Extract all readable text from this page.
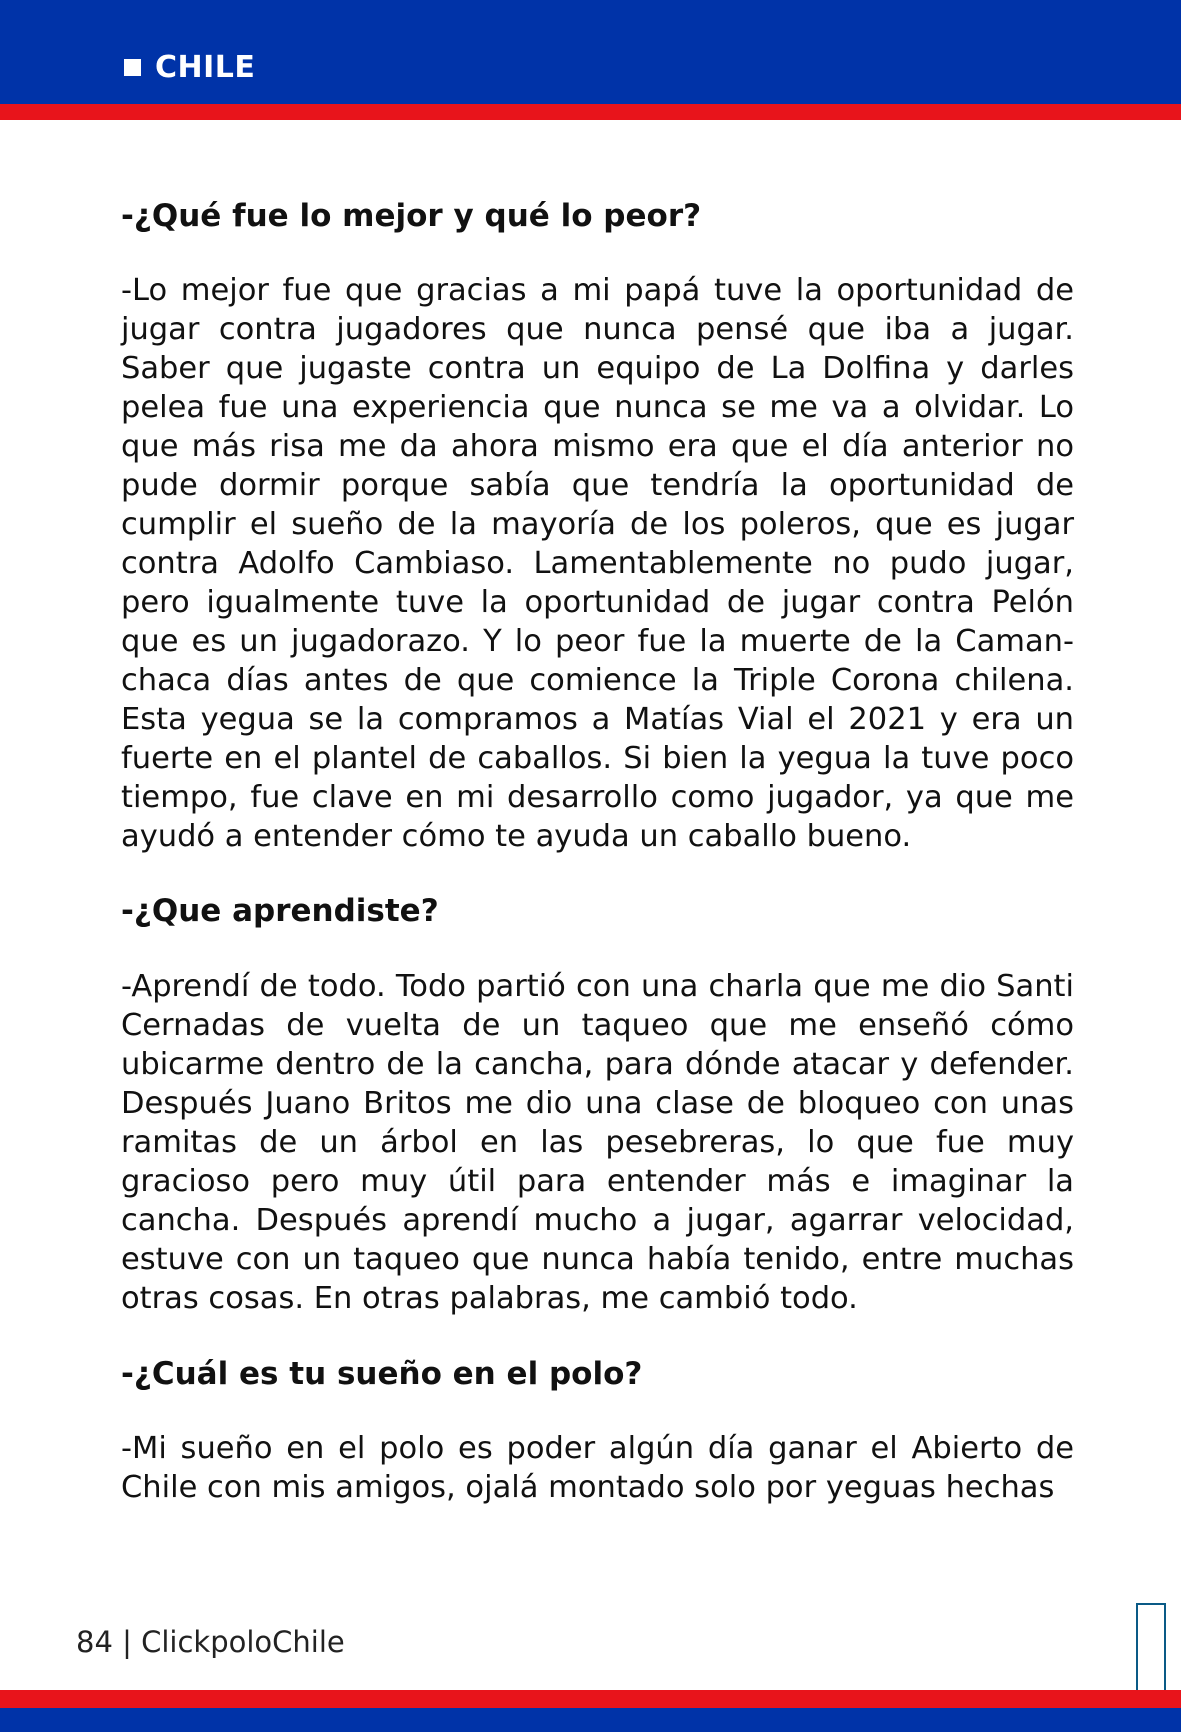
CHILE

-¿Qué fue lo mejor y qué lo peor?

-Lo mejor fue que gracias a mi papá tuve la oportunidad de jugar contra jugadores que nunca pensé que iba a jugar. Saber que jugaste contra un equipo de La Dolfina y darles pelea fue una experiencia que nunca se me va a olvidar. Lo que más risa me da ahora mismo era que el día anterior no pude dormir porque sabía que tendría la oportunidad de cumplir el sueño de la mayoría de los poleros, que es jugar contra Adolfo Cambiaso. Lamentablemente no pudo jugar, pero igualmente tuve la oportunidad de jugar contra Pelón que es un jugadorazo. Y lo peor fue la muerte de la Caman-chaca días antes de que comience la Triple Corona chilena. Esta yegua se la compramos a Matías Vial el 2021 y era un fuerte en el plantel de caballos. Si bien la yegua la tuve poco tiempo, fue clave en mi desarrollo como jugador, ya que me ayudó a entender cómo te ayuda un caballo bueno.

-¿Que aprendiste?

-Aprendí de todo. Todo partió con una charla que me dio Santi Cernadas de vuelta de un taqueo que me enseñó cómo ubicarme dentro de la cancha, para dónde atacar y defender. Después Juano Britos me dio una clase de bloqueo con unas ramitas de un árbol en las pesebreras, lo que fue muy gracioso pero muy útil para entender más e imaginar la cancha. Después aprendí mucho a jugar, agarrar velocidad, estuve con un taqueo que nunca había tenido, entre muchas otras cosas. En otras palabras, me cambió todo.

-¿Cuál es tu sueño en el polo?

-Mi sueño en el polo es poder algún día ganar el Abierto de Chile con mis amigos, ojalá montado solo por yeguas hechas

84 | ClickpoloChile
